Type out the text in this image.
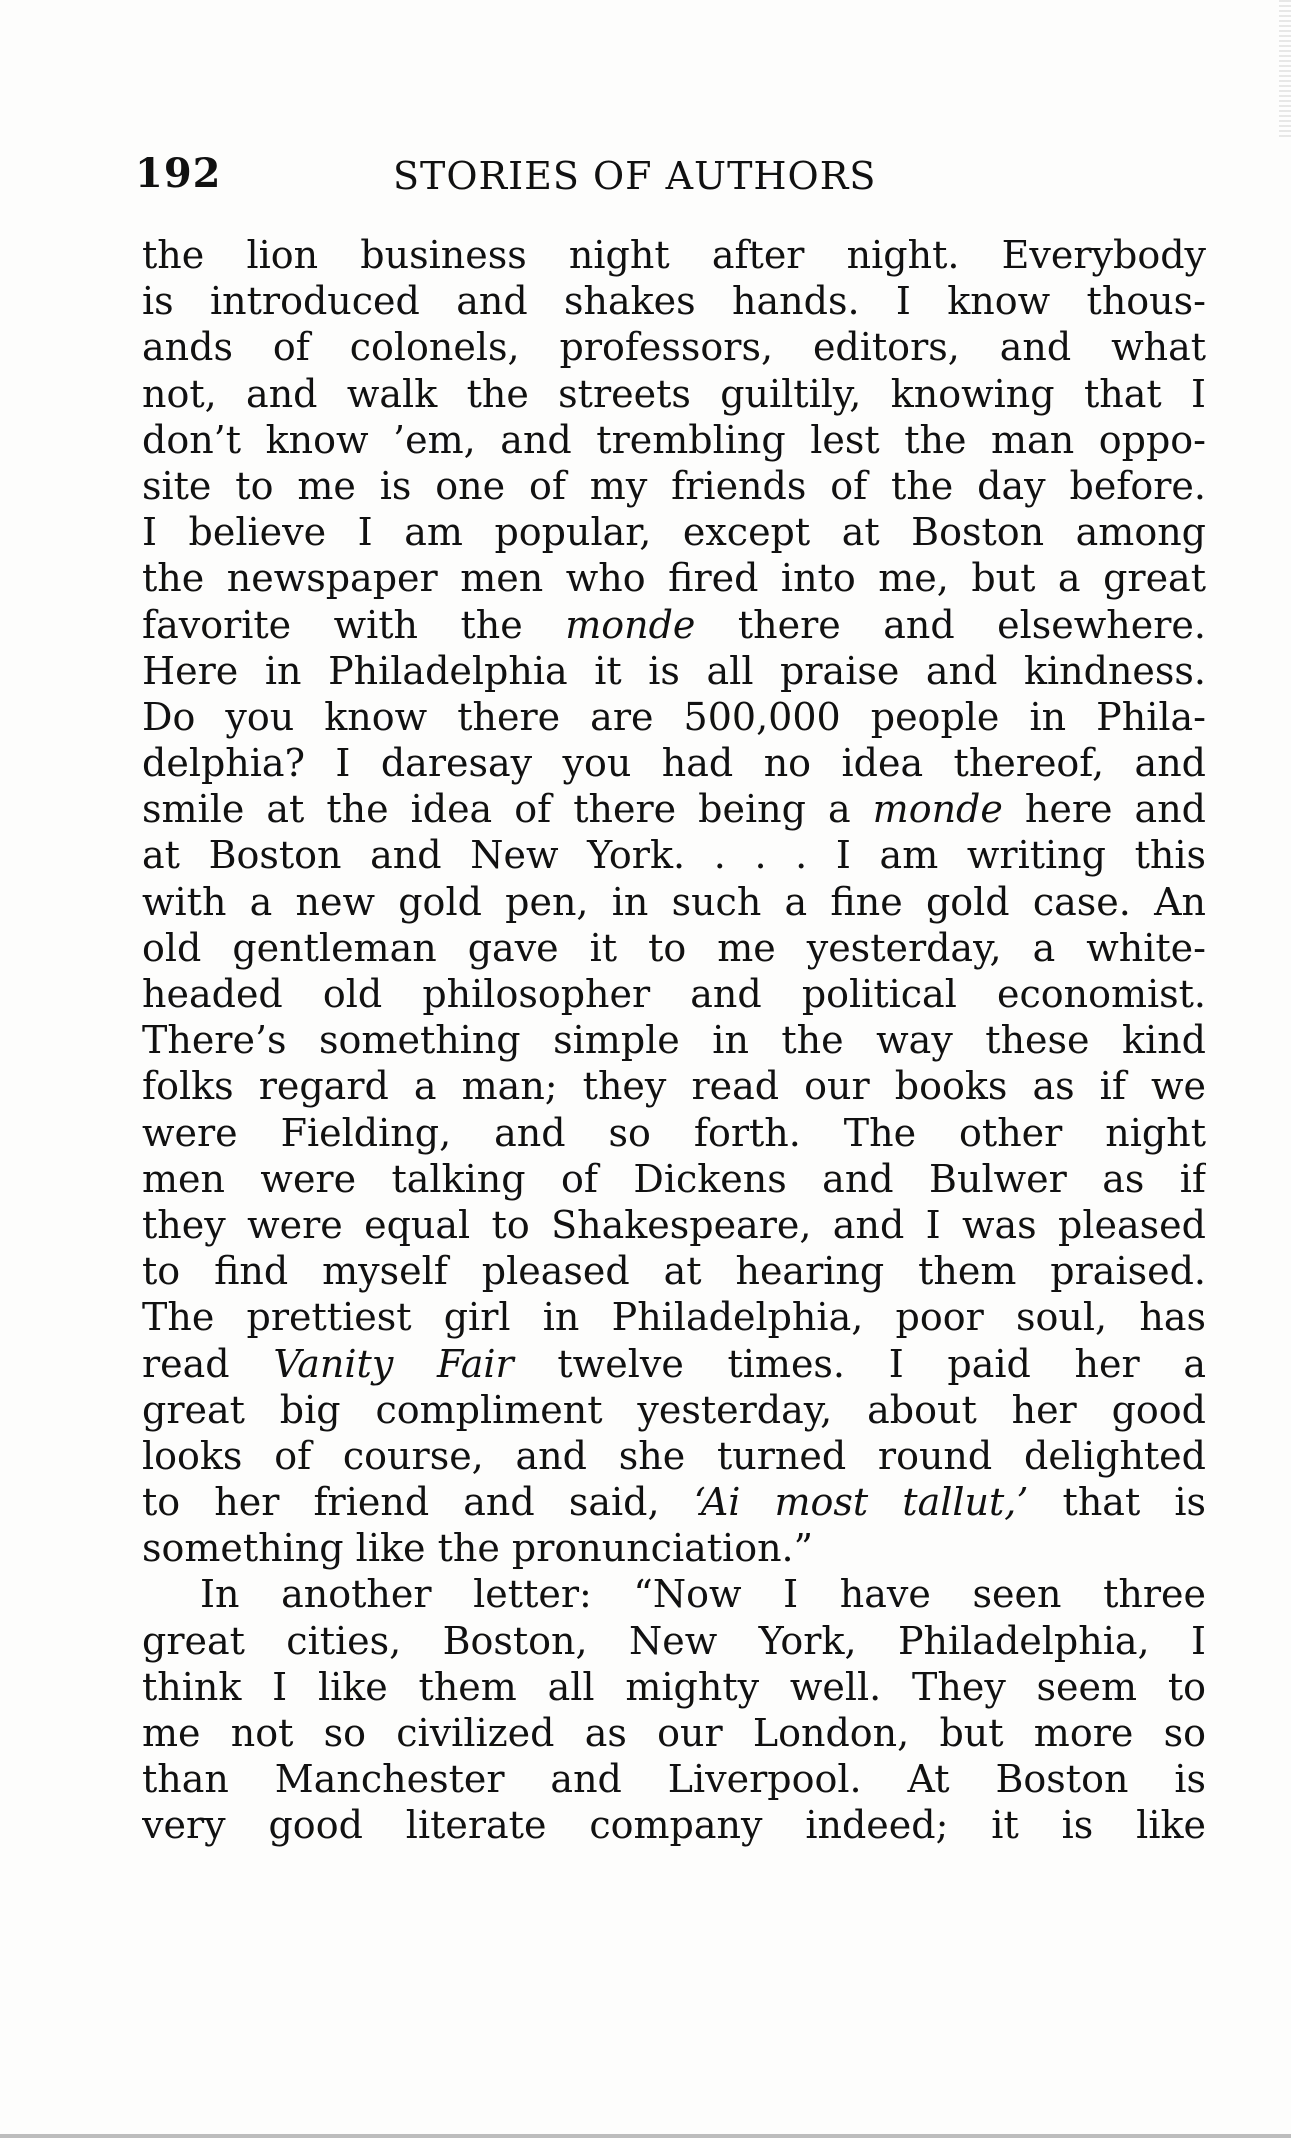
192	STORIES OF AUTHORS
the lion business night after night. Everybody
is introduced and shakes hands. I know thous-
ands of colonels, professors, editors, and what
not, and walk the streets guiltily, knowing that I
don’t know ’em, and trembling lest the man oppo-
site to me is one of my friends of the day before.
I believe I am popular, except at Boston among
the newspaper men who fired into me, but a great
favorite with the monde there and elsewhere.
Here in Philadelphia it is all praise and kindness.
Do you know there are 500,000 people in Phila-
delphia? I daresay you had no idea thereof, and
smile at the idea of there being a monde here and
at Boston and New York. . . . I am writing this
with a new gold pen, in such a fine gold case. An
old gentleman gave it to me yesterday, a white-
headed old philosopher and political economist.
There’s something simple in the way these kind
folks regard a man; they read our books as if we
were Fielding, and so forth. The other night
men were talking of Dickens and Bulwer as if
they were equal to Shakespeare, and I was pleased
to find myself pleased at hearing them praised.
The prettiest girl in Philadelphia, poor soul, has
read Vanity Fair twelve times. I paid her a
great big compliment yesterday, about her good
looks of course, and she turned round delighted
to her friend and said, ‘Ai most tallut,’ that is
something like the pronunciation.”
In another letter: “Now I have seen three
great cities, Boston, New York, Philadelphia, I
think I like them all mighty well. They seem to
me not so civilized as our London, but more so
than Manchester and Liverpool. At Boston is
very good literate company indeed; it is like
